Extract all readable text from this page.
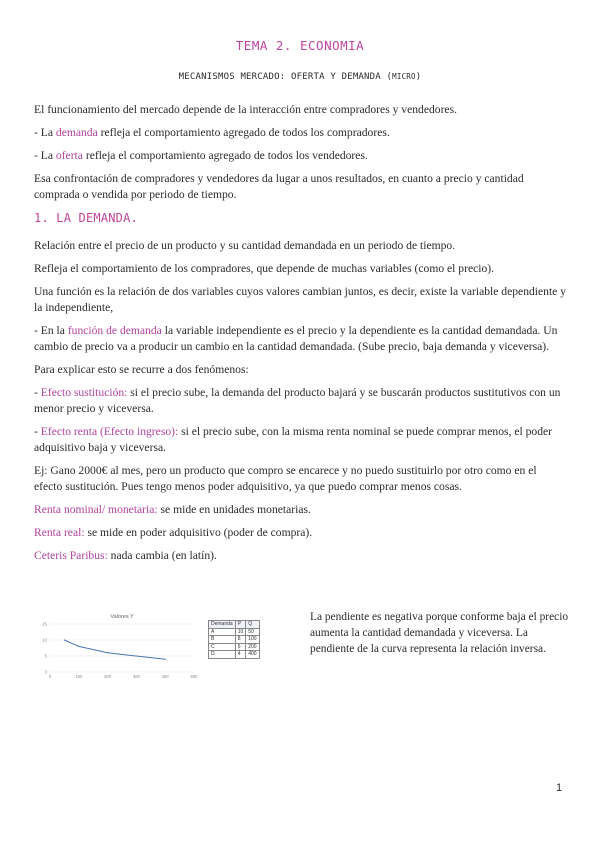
TEMA 2. ECONOMIA
MECANISMOS MERCADO: OFERTA Y DEMANDA (MICRO)

El funcionamiento del mercado depende de la interacción entre compradores y vendedores.

- La demanda refleja el comportamiento agregado de todos los compradores.

- La oferta refleja el comportamiento agregado de todos los vendedores.

Esa confrontación de compradores y vendedores da lugar a unos resultados, en cuanto a precio y cantidad comprada o vendida por periodo de tiempo.

1. LA DEMANDA.

Relación entre el precio de un producto y su cantidad demandada en un periodo de tiempo.

Refleja el comportamiento de los compradores, que depende de muchas variables (como el precio).

Una función es la relación de dos variables cuyos valores cambian juntos, es decir, existe la variable dependiente y la independiente,

- En la función de demanda la variable independiente es el precio y la dependiente es la cantidad demandada. Un cambio de precio va a producir un cambio en la cantidad demandada. (Sube precio, baja demanda y viceversa).

Para explicar esto se recurre a dos fenómenos:

- Efecto sustitución: si el precio sube, la demanda del producto bajará y se buscarán productos sustitutivos con un menor precio y viceversa.

- Efecto renta (Efecto ingreso): si el precio sube, con la misma renta nominal se puede comprar menos, el poder adquisitivo baja y viceversa.

Ej: Gano 2000€ al mes, pero un producto que compro se encarece y no puedo sustituirlo por otro como en el efecto sustitución. Pues tengo menos poder adquisitivo, ya que puedo comprar menos cosas.

Renta nominal/ monetaria: se mide en unidades monetarias.

Renta real: se mide en poder adquisitivo (poder de compra).

Ceteris Paribus: nada cambia (en latín).

Valores Y
0
5
10
15
0	100	200	300	400	500
Demanda	P	Q
A	10	50
B	8	100
C	6	200
D	4	400
La pendiente es negativa porque conforme baja el precio aumenta la cantidad demandada y viceversa. La pendiente de la curva representa la relación inversa.
1
